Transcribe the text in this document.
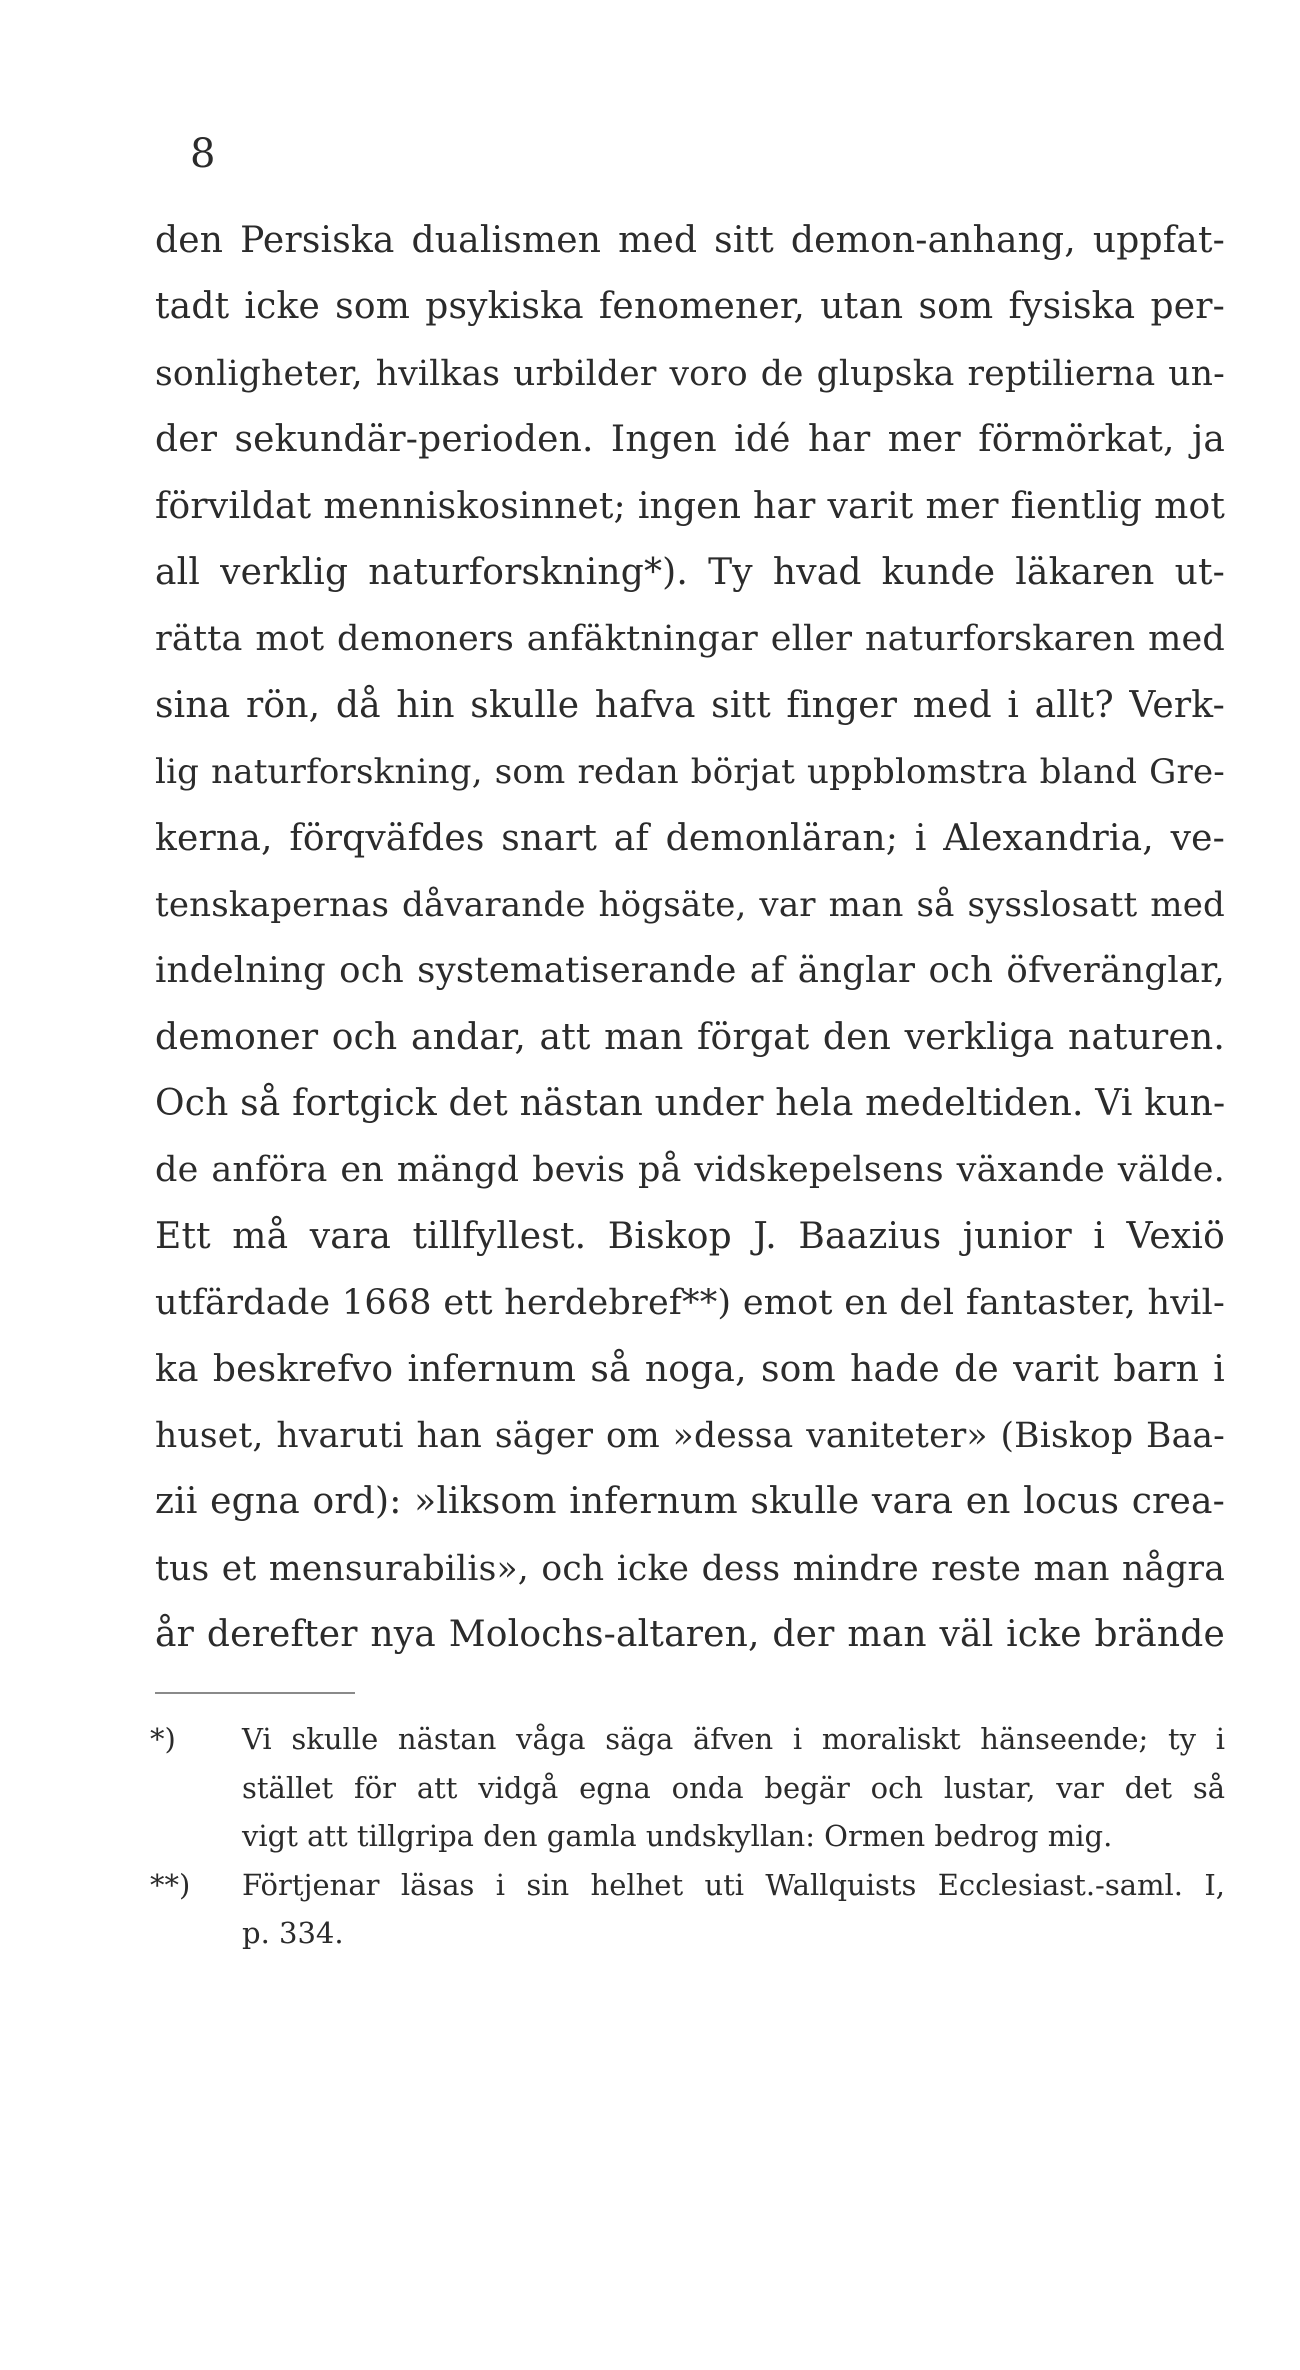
8
den Persiska dualismen med sitt demon-anhang, uppfat-
tadt icke som psykiska fenomener, utan som fysiska per-
sonligheter, hvilkas urbilder voro de glupska reptilierna un-
der sekundär-perioden. Ingen idé har mer förmörkat, ja
förvildat menniskosinnet; ingen har varit mer fientlig mot
all verklig naturforskning*). Ty hvad kunde läkaren ut-
rätta mot demoners anfäktningar eller naturforskaren med
sina rön, då hin skulle hafva sitt finger med i allt? Verk-
lig naturforskning, som redan börjat uppblomstra bland Gre-
kerna, förqväfdes snart af demonläran; i Alexandria, ve-
tenskapernas dåvarande högsäte, var man så sysslosatt med
indelning och systematiserande af änglar och öfveränglar,
demoner och andar, att man förgat den verkliga naturen.
Och så fortgick det nästan under hela medeltiden. Vi kun-
de anföra en mängd bevis på vidskepelsens växande välde.
Ett må vara tillfyllest. Biskop J. Baazius junior i Vexiö
utfärdade 1668 ett herdebref**) emot en del fantaster, hvil-
ka beskrefvo infernum så noga, som hade de varit barn i
huset, hvaruti han säger om »dessa vaniteter» (Biskop Baa-
zii egna ord): »liksom infernum skulle vara en locus crea-
tus et mensurabilis», och icke dess mindre reste man några
år derefter nya Molochs-altaren, der man väl icke brände
*) Vi skulle nästan våga säga äfven i moraliskt hänseende; ty i
stället för att vidgå egna onda begär och lustar, var det så
vigt att tillgripa den gamla undskyllan: Ormen bedrog mig.
**) Förtjenar läsas i sin helhet uti Wallquists Ecclesiast.-saml. I,
p. 334.
